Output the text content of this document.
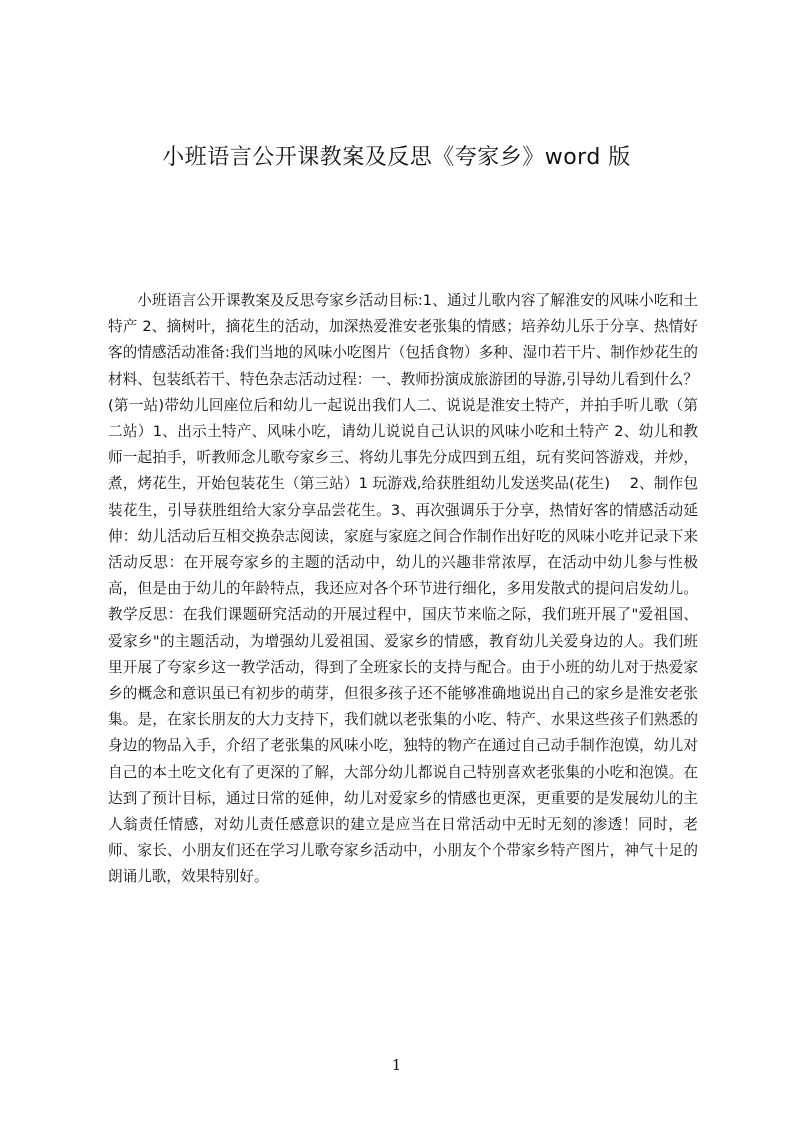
小班语言公开课教案及反思《夸家乡》word 版

小班语言公开课教案及反思夸家乡活动目标:1、通过儿歌内容了解淮安的风味小吃和土特产 2、摘树叶，摘花生的活动，加深热爱淮安老张集的情感；培养幼儿乐于分享、热情好客的情感活动准备:我们当地的风味小吃图片（包括食物）多种、湿巾若干片、制作炒花生的材料、包装纸若干、特色杂志活动过程：一、教师扮演成旅游团的导游,引导幼儿看到什么？(第一站)带幼儿回座位后和幼儿一起说出我们人二、说说是淮安土特产，并拍手听儿歌（第二站）1、出示土特产、风味小吃，请幼儿说说自己认识的风味小吃和土特产 2、幼儿和教师一起拍手，听教师念儿歌夸家乡三、将幼儿事先分成四到五组，玩有奖问答游戏，并炒，煮，烤花生，开始包装花生（第三站）1 玩游戏,给获胜组幼儿发送奖品(花生)　 2、制作包装花生，引导获胜组给大家分享品尝花生。3、再次强调乐于分享，热情好客的情感活动延伸：幼儿活动后互相交换杂志阅读，家庭与家庭之间合作制作出好吃的风味小吃并记录下来活动反思：在开展夸家乡的主题的活动中，幼儿的兴趣非常浓厚，在活动中幼儿参与性极高，但是由于幼儿的年龄特点，我还应对各个环节进行细化，多用发散式的提问启发幼儿。教学反思：在我们课题研究活动的开展过程中，国庆节来临之际，我们班开展了"爱祖国、爱家乡"的主题活动，为增强幼儿爱祖国、爱家乡的情感，教育幼儿关爱身边的人。我们班里开展了夸家乡这一教学活动，得到了全班家长的支持与配合。由于小班的幼儿对于热爱家乡的概念和意识虽已有初步的萌芽，但很多孩子还不能够准确地说出自己的家乡是淮安老张集。是，在家长朋友的大力支持下，我们就以老张集的小吃、特产、水果这些孩子们熟悉的身边的物品入手，介绍了老张集的风味小吃，独特的物产在通过自己动手制作泡馍，幼儿对自己的本土吃文化有了更深的了解，大部分幼儿都说自己特别喜欢老张集的小吃和泡馍。在达到了预计目标，通过日常的延伸，幼儿对爱家乡的情感也更深，更重要的是发展幼儿的主人翁责任情感，对幼儿责任感意识的建立是应当在日常活动中无时无刻的渗透！同时，老师、家长、小朋友们还在学习儿歌夸家乡活动中，小朋友个个带家乡特产图片，神气十足的朗诵儿歌，效果特别好。

1
